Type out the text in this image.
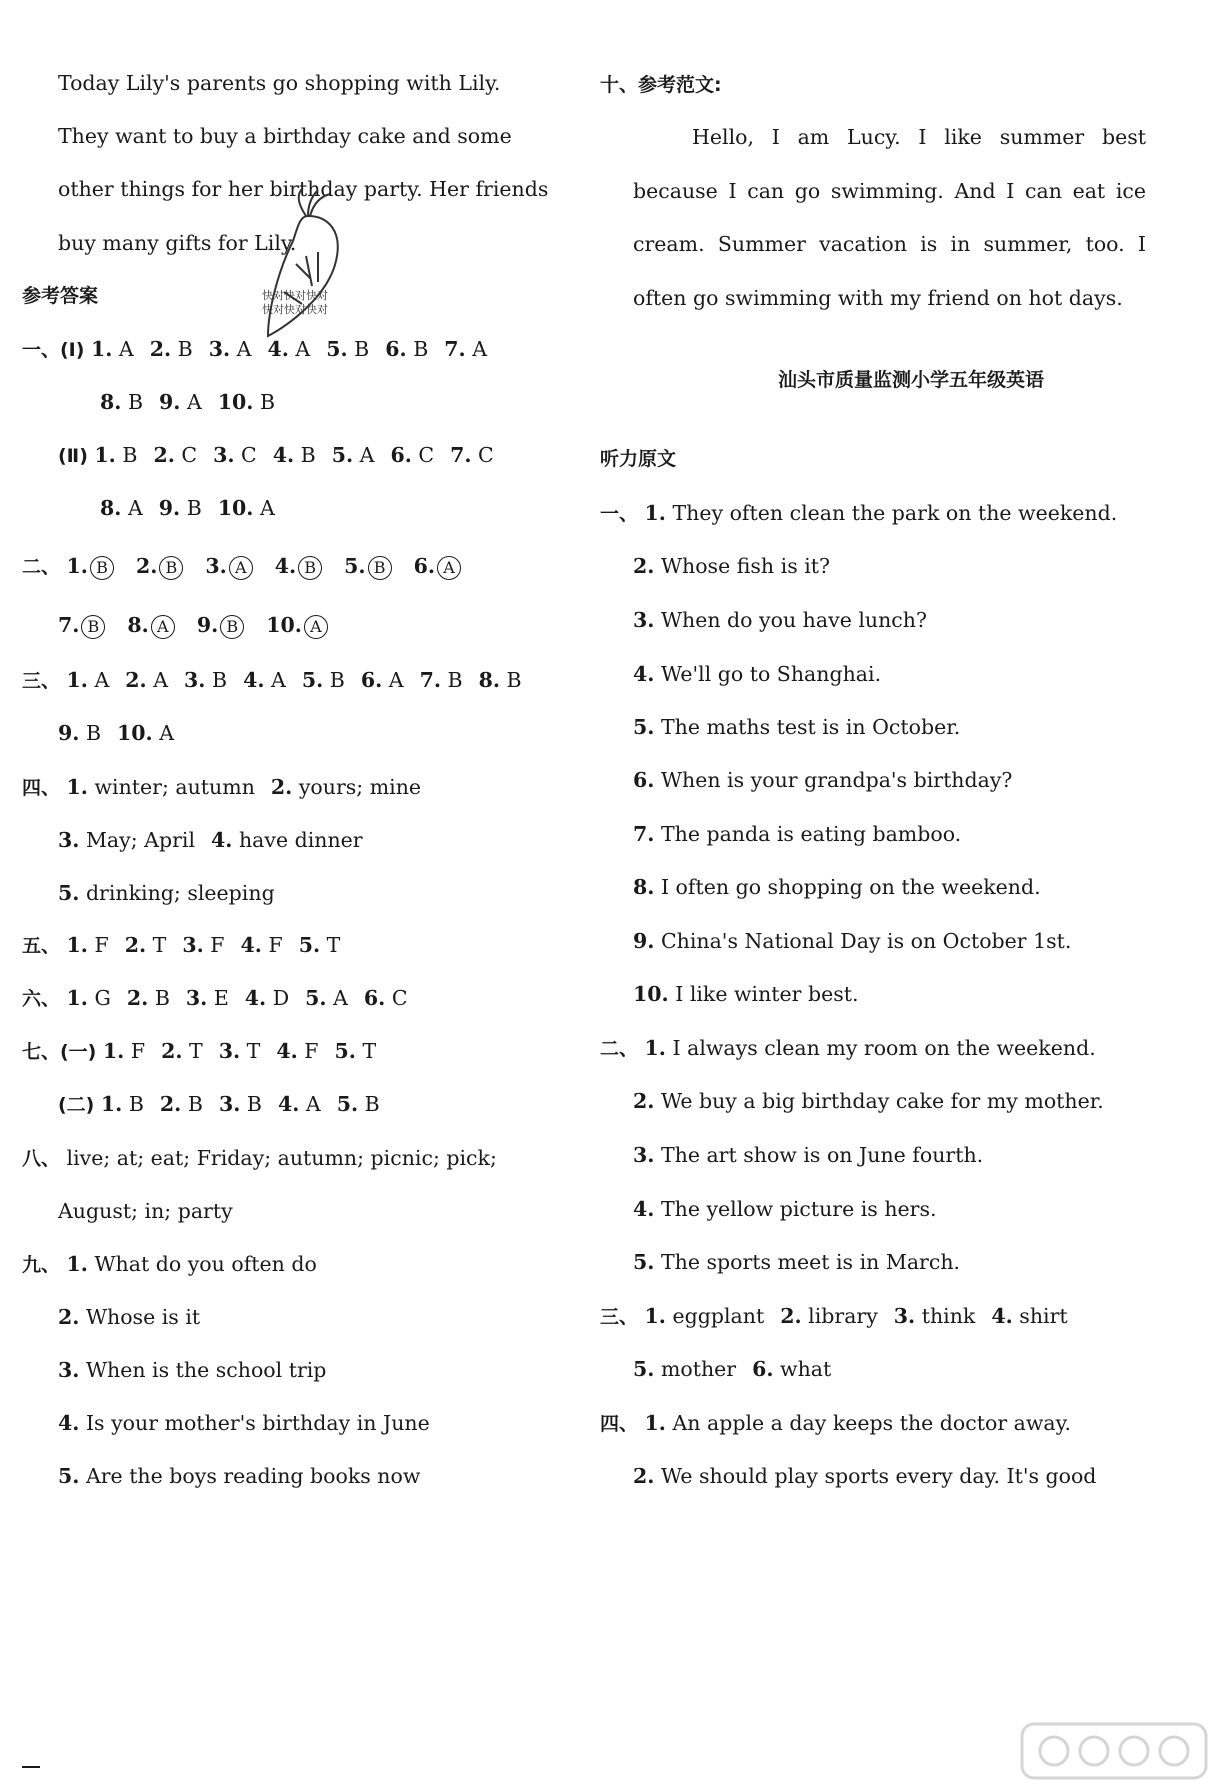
Today Lily's parents go shopping with Lily.
They want to buy a birthday cake and some
other things for her birthday party. Her friends
buy many gifts for Lily.
快对快对快对
快对快对快对
参考答案
一、(Ⅰ) 1. A 2. B 3. A 4. A 5. B 6. B 7. A
8. B 9. A 10. B
(Ⅱ) 1. B 2. C 3. C 4. B 5. A 6. C 7. C
8. A 9. B 10. A
二、 1. B 2. B 3. A 4. B 5. B 6. A
7. B 8. A 9. B 10. A
三、 1. A 2. A 3. B 4. A 5. B 6. A 7. B 8. B
9. B 10. A
四、 1. winter; autumn 2. yours; mine
3. May; April 4. have dinner
5. drinking; sleeping
五、 1. F 2. T 3. F 4. F 5. T
六、 1. G 2. B 3. E 4. D 5. A 6. C
七、(一) 1. F 2. T 3. T 4. F 5. T
(二) 1. B 2. B 3. B 4. A 5. B
八、 live; at; eat; Friday; autumn; picnic; pick;
August; in; party
九、 1. What do you often do
2. Whose is it
3. When is the school trip
4. Is your mother's birthday in June
5. Are the boys reading books now
十、参考范文:
Hello, I am Lucy. I like summer best
because I can go swimming. And I can eat ice
cream. Summer vacation is in summer, too. I
often go swimming with my friend on hot days.
汕头市质量监测小学五年级英语
听力原文
一、 1. They often clean the park on the weekend.
2. Whose fish is it?
3. When do you have lunch?
4. We'll go to Shanghai.
5. The maths test is in October.
6. When is your grandpa's birthday?
7. The panda is eating bamboo.
8. I often go shopping on the weekend.
9. China's National Day is on October 1st.
10. I like winter best.
二、 1. I always clean my room on the weekend.
2. We buy a big birthday cake for my mother.
3. The art show is on June fourth.
4. The yellow picture is hers.
5. The sports meet is in March.
三、 1. eggplant 2. library 3. think 4. shirt
5. mother 6. what
四、 1. An apple a day keeps the doctor away.
2. We should play sports every day. It's good
